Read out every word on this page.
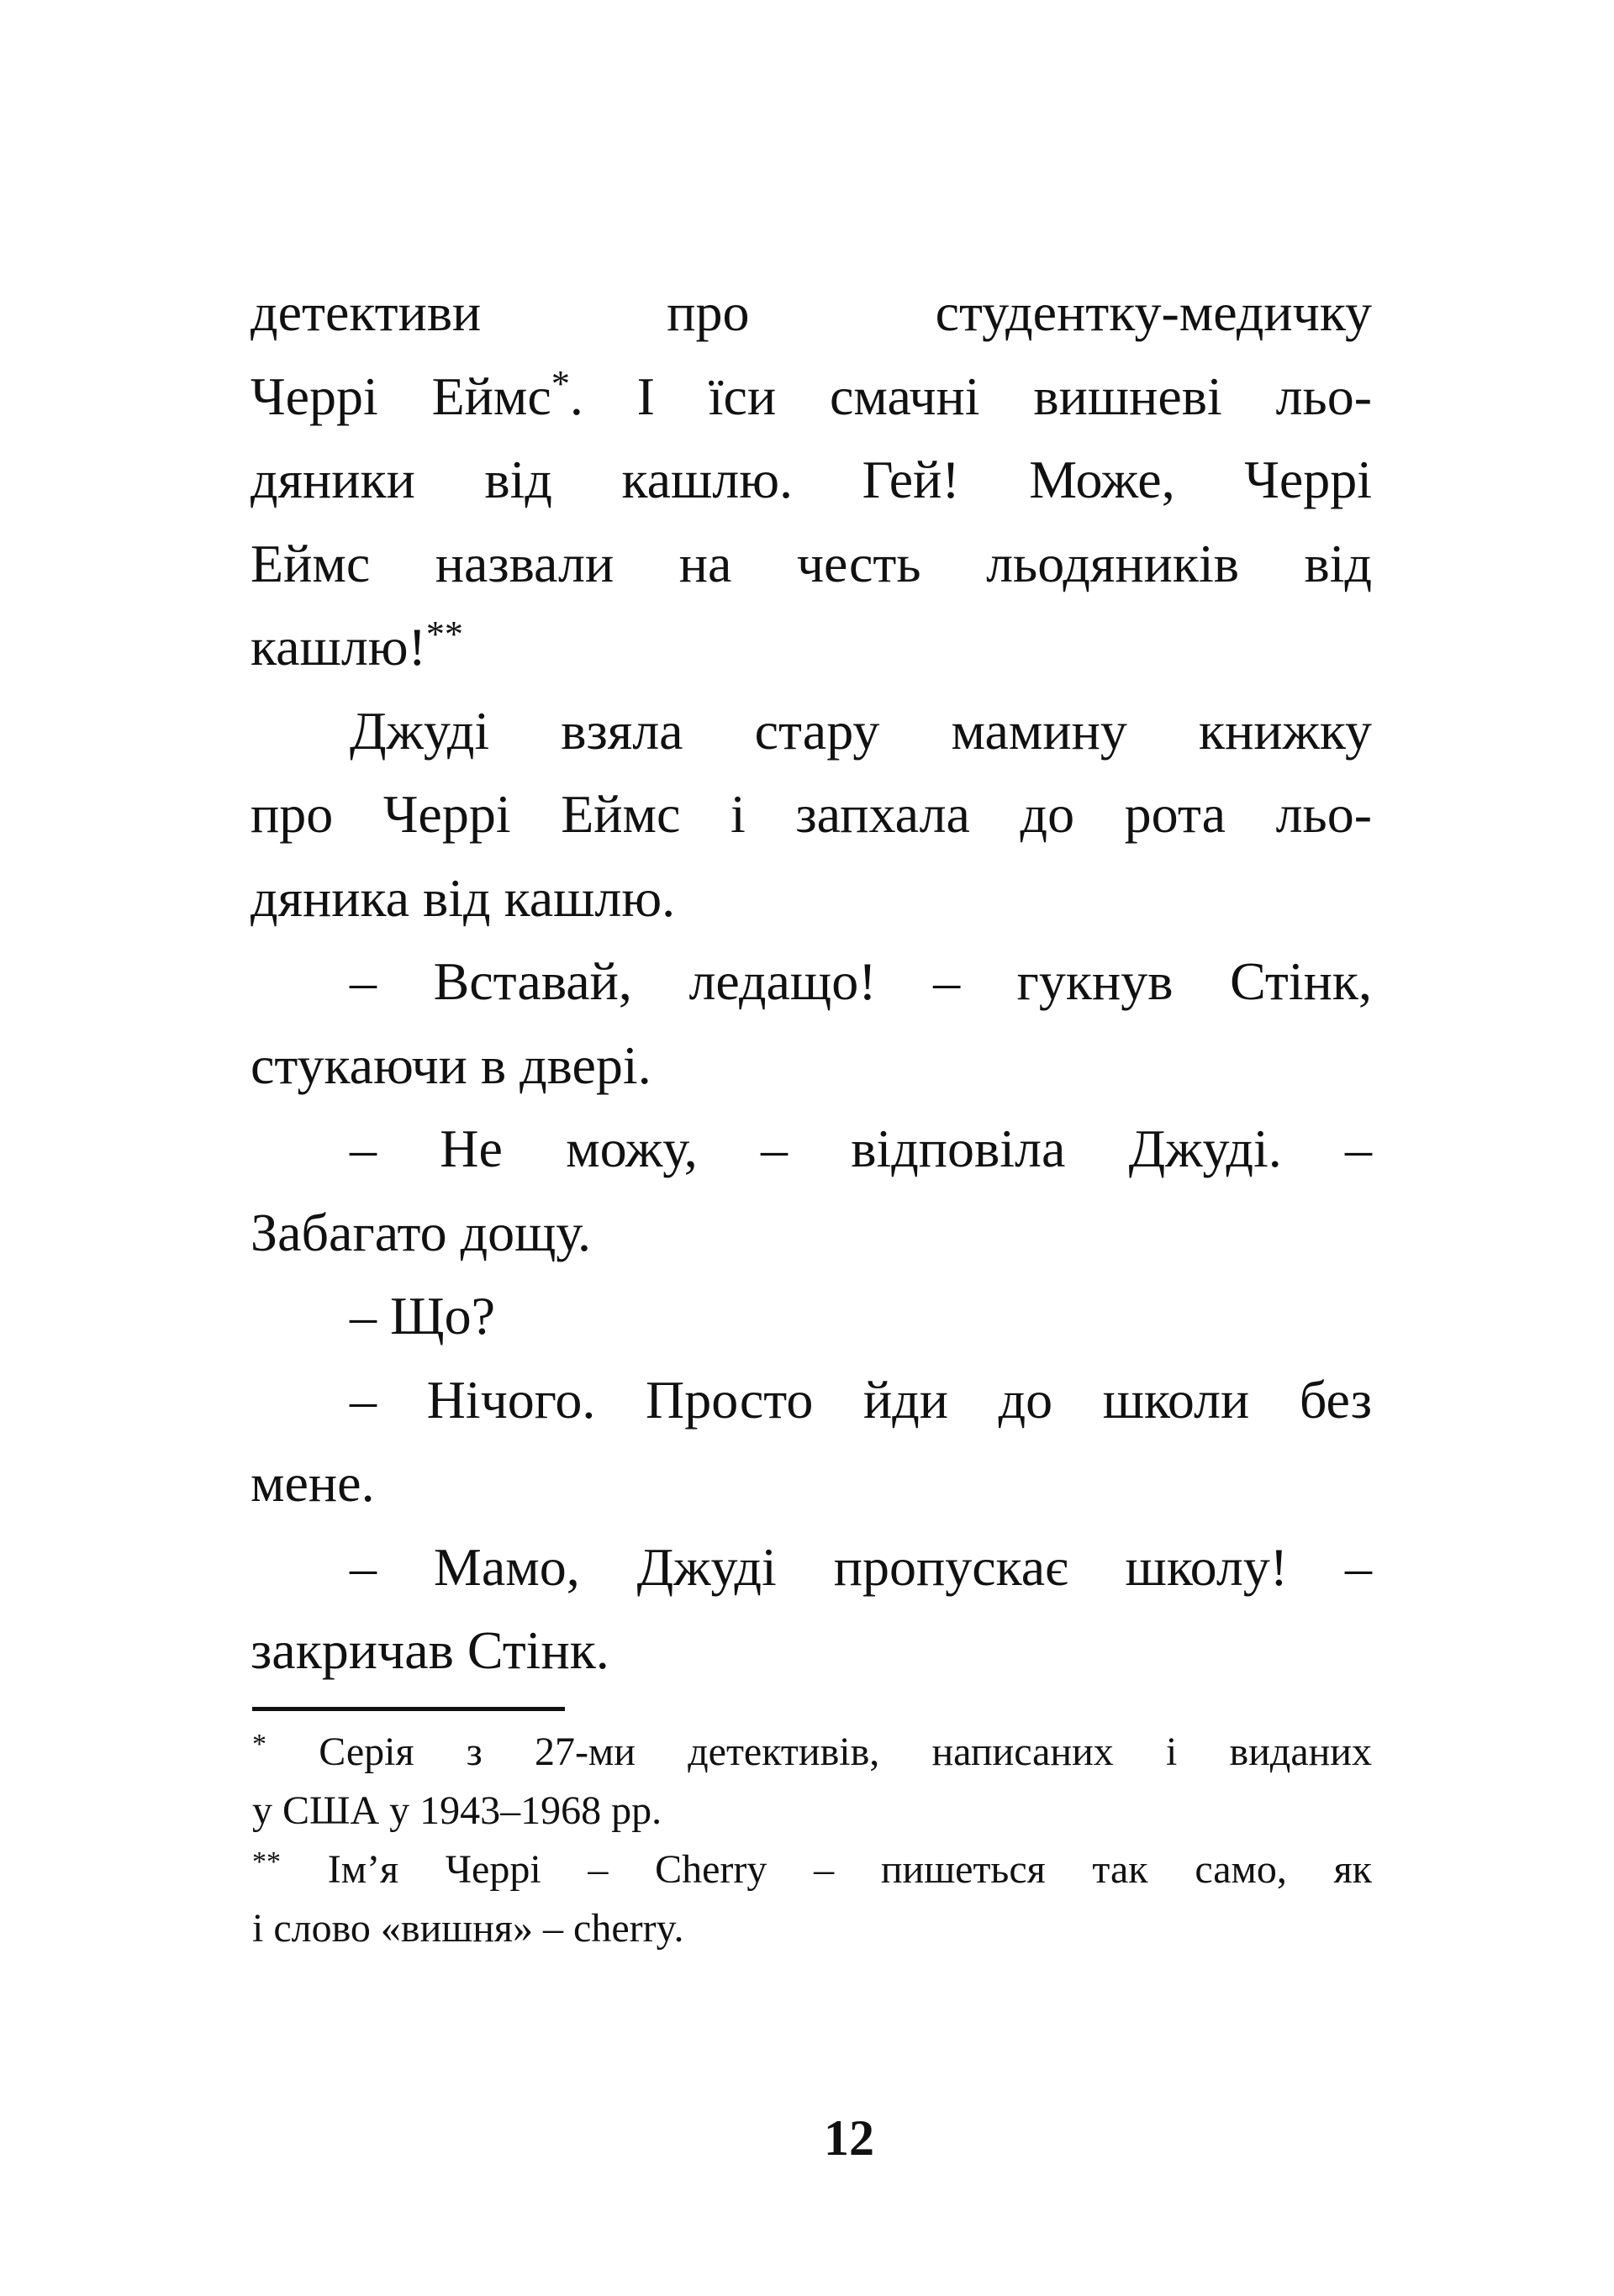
детективи про студентку-медичку
Черрі Еймс*. І їси смачні вишневі льо-
дяники від кашлю. Гей! Може, Черрі
Еймс назвали на честь льодяників від
кашлю!**
Джуді взяла стару мамину книжку
про Черрі Еймс і запхала до рота льо-
дяника від кашлю.
– Вставай, ледащо! – гукнув Стінк,
стукаючи в двері.
– Не можу, – відповіла Джуді. –
Забагато дощу.
– Що?
– Нічого. Просто йди до школи без
мене.
– Мамо, Джуді пропускає школу! –
закричав Стінк.
* Серія з 27-ми детективів, написаних і виданих
у США у 1943–1968 рр.
** Ім’я Черрі – Cherry – пишеться так само, як
і слово «вишня» – cherry.
12
